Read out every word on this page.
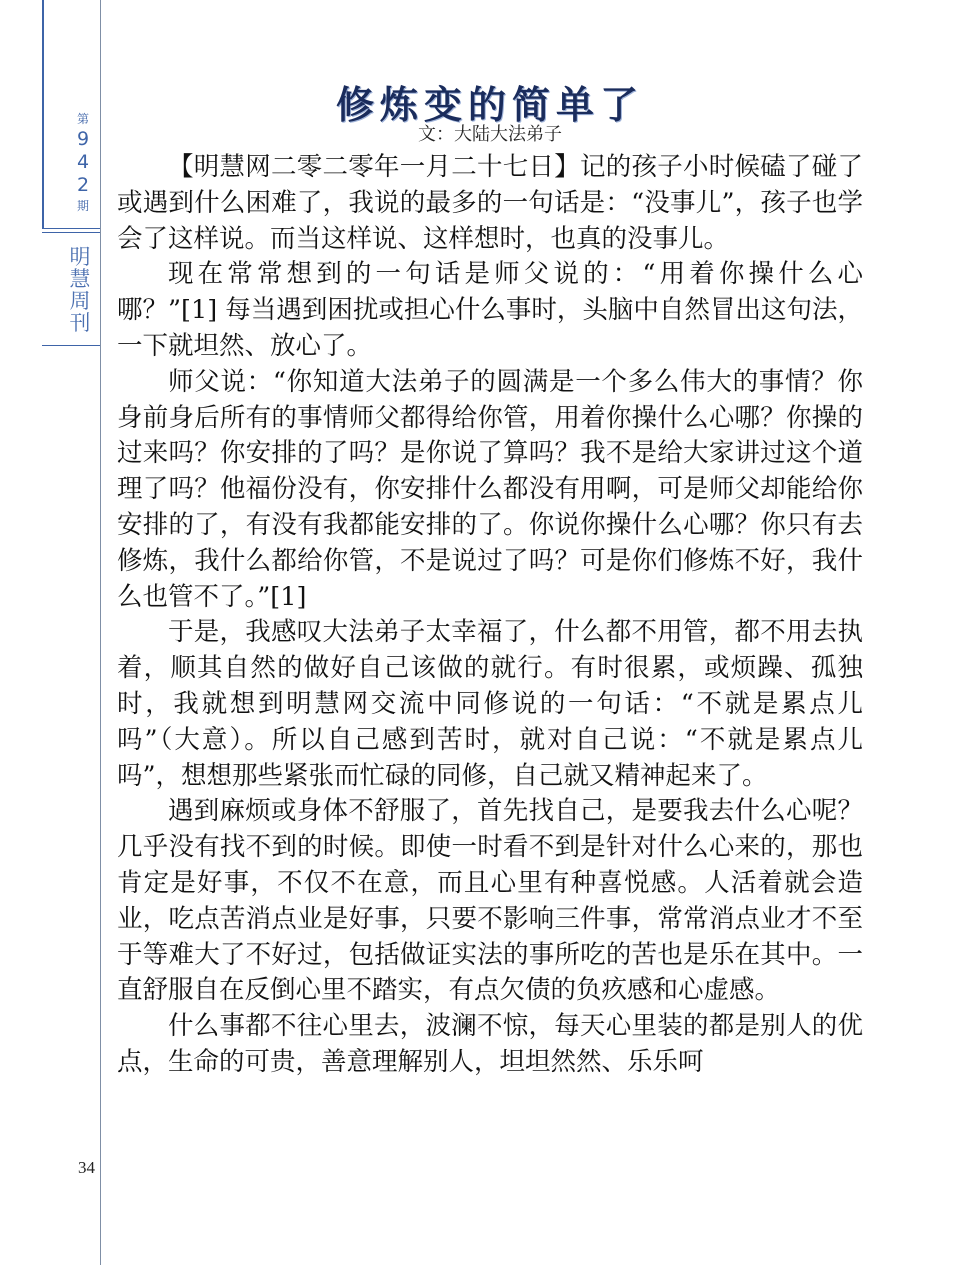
第
9
4
2
期
明
慧
周
刊
34
修炼变的简单了
文：大陆大法弟子

【明慧网二零二零年一月二十七日】记的孩子小时候磕了碰了或遇到什么困难了，我说的最多的一句话是：“没事儿”，孩子也学会了这样说。而当这样说、这样想时，也真的没事儿。

现在常常想到的一句话是师父说的：“用着你操什么心哪？”[1] 每当遇到困扰或担心什么事时，头脑中自然冒出这句法，一下就坦然、放心了。

师父说：“你知道大法弟子的圆满是一个多么伟大的事情？你身前身后所有的事情师父都得给你管，用着你操什么心哪？你操的过来吗？你安排的了吗？是你说了算吗？我不是给大家讲过这个道理了吗？他福份没有，你安排什么都没有用啊，可是师父却能给你安排的了，有没有我都能安排的了。你说你操什么心哪？你只有去修炼，我什么都给你管，不是说过了吗？可是你们修炼不好，我什么也管不了。”[1]

于是，我感叹大法弟子太幸福了，什么都不用管，都不用去执着，顺其自然的做好自己该做的就行。有时很累，或烦躁、孤独时，我就想到明慧网交流中同修说的一句话：“不就是累点儿吗”（大意）。所以自己感到苦时，就对自己说：“不就是累点儿吗”，想想那些紧张而忙碌的同修，自己就又精神起来了。

遇到麻烦或身体不舒服了，首先找自己，是要我去什么心呢？几乎没有找不到的时候。即使一时看不到是针对什么心来的，那也肯定是好事，不仅不在意，而且心里有种喜悦感。人活着就会造业，吃点苦消点业是好事，只要不影响三件事，常常消点业才不至于等难大了不好过，包括做证实法的事所吃的苦也是乐在其中。一直舒服自在反倒心里不踏实，有点欠债的负疚感和心虚感。

什么事都不往心里去，波澜不惊，每天心里装的都是别人的优点，生命的可贵，善意理解别人，坦坦然然、乐乐呵
